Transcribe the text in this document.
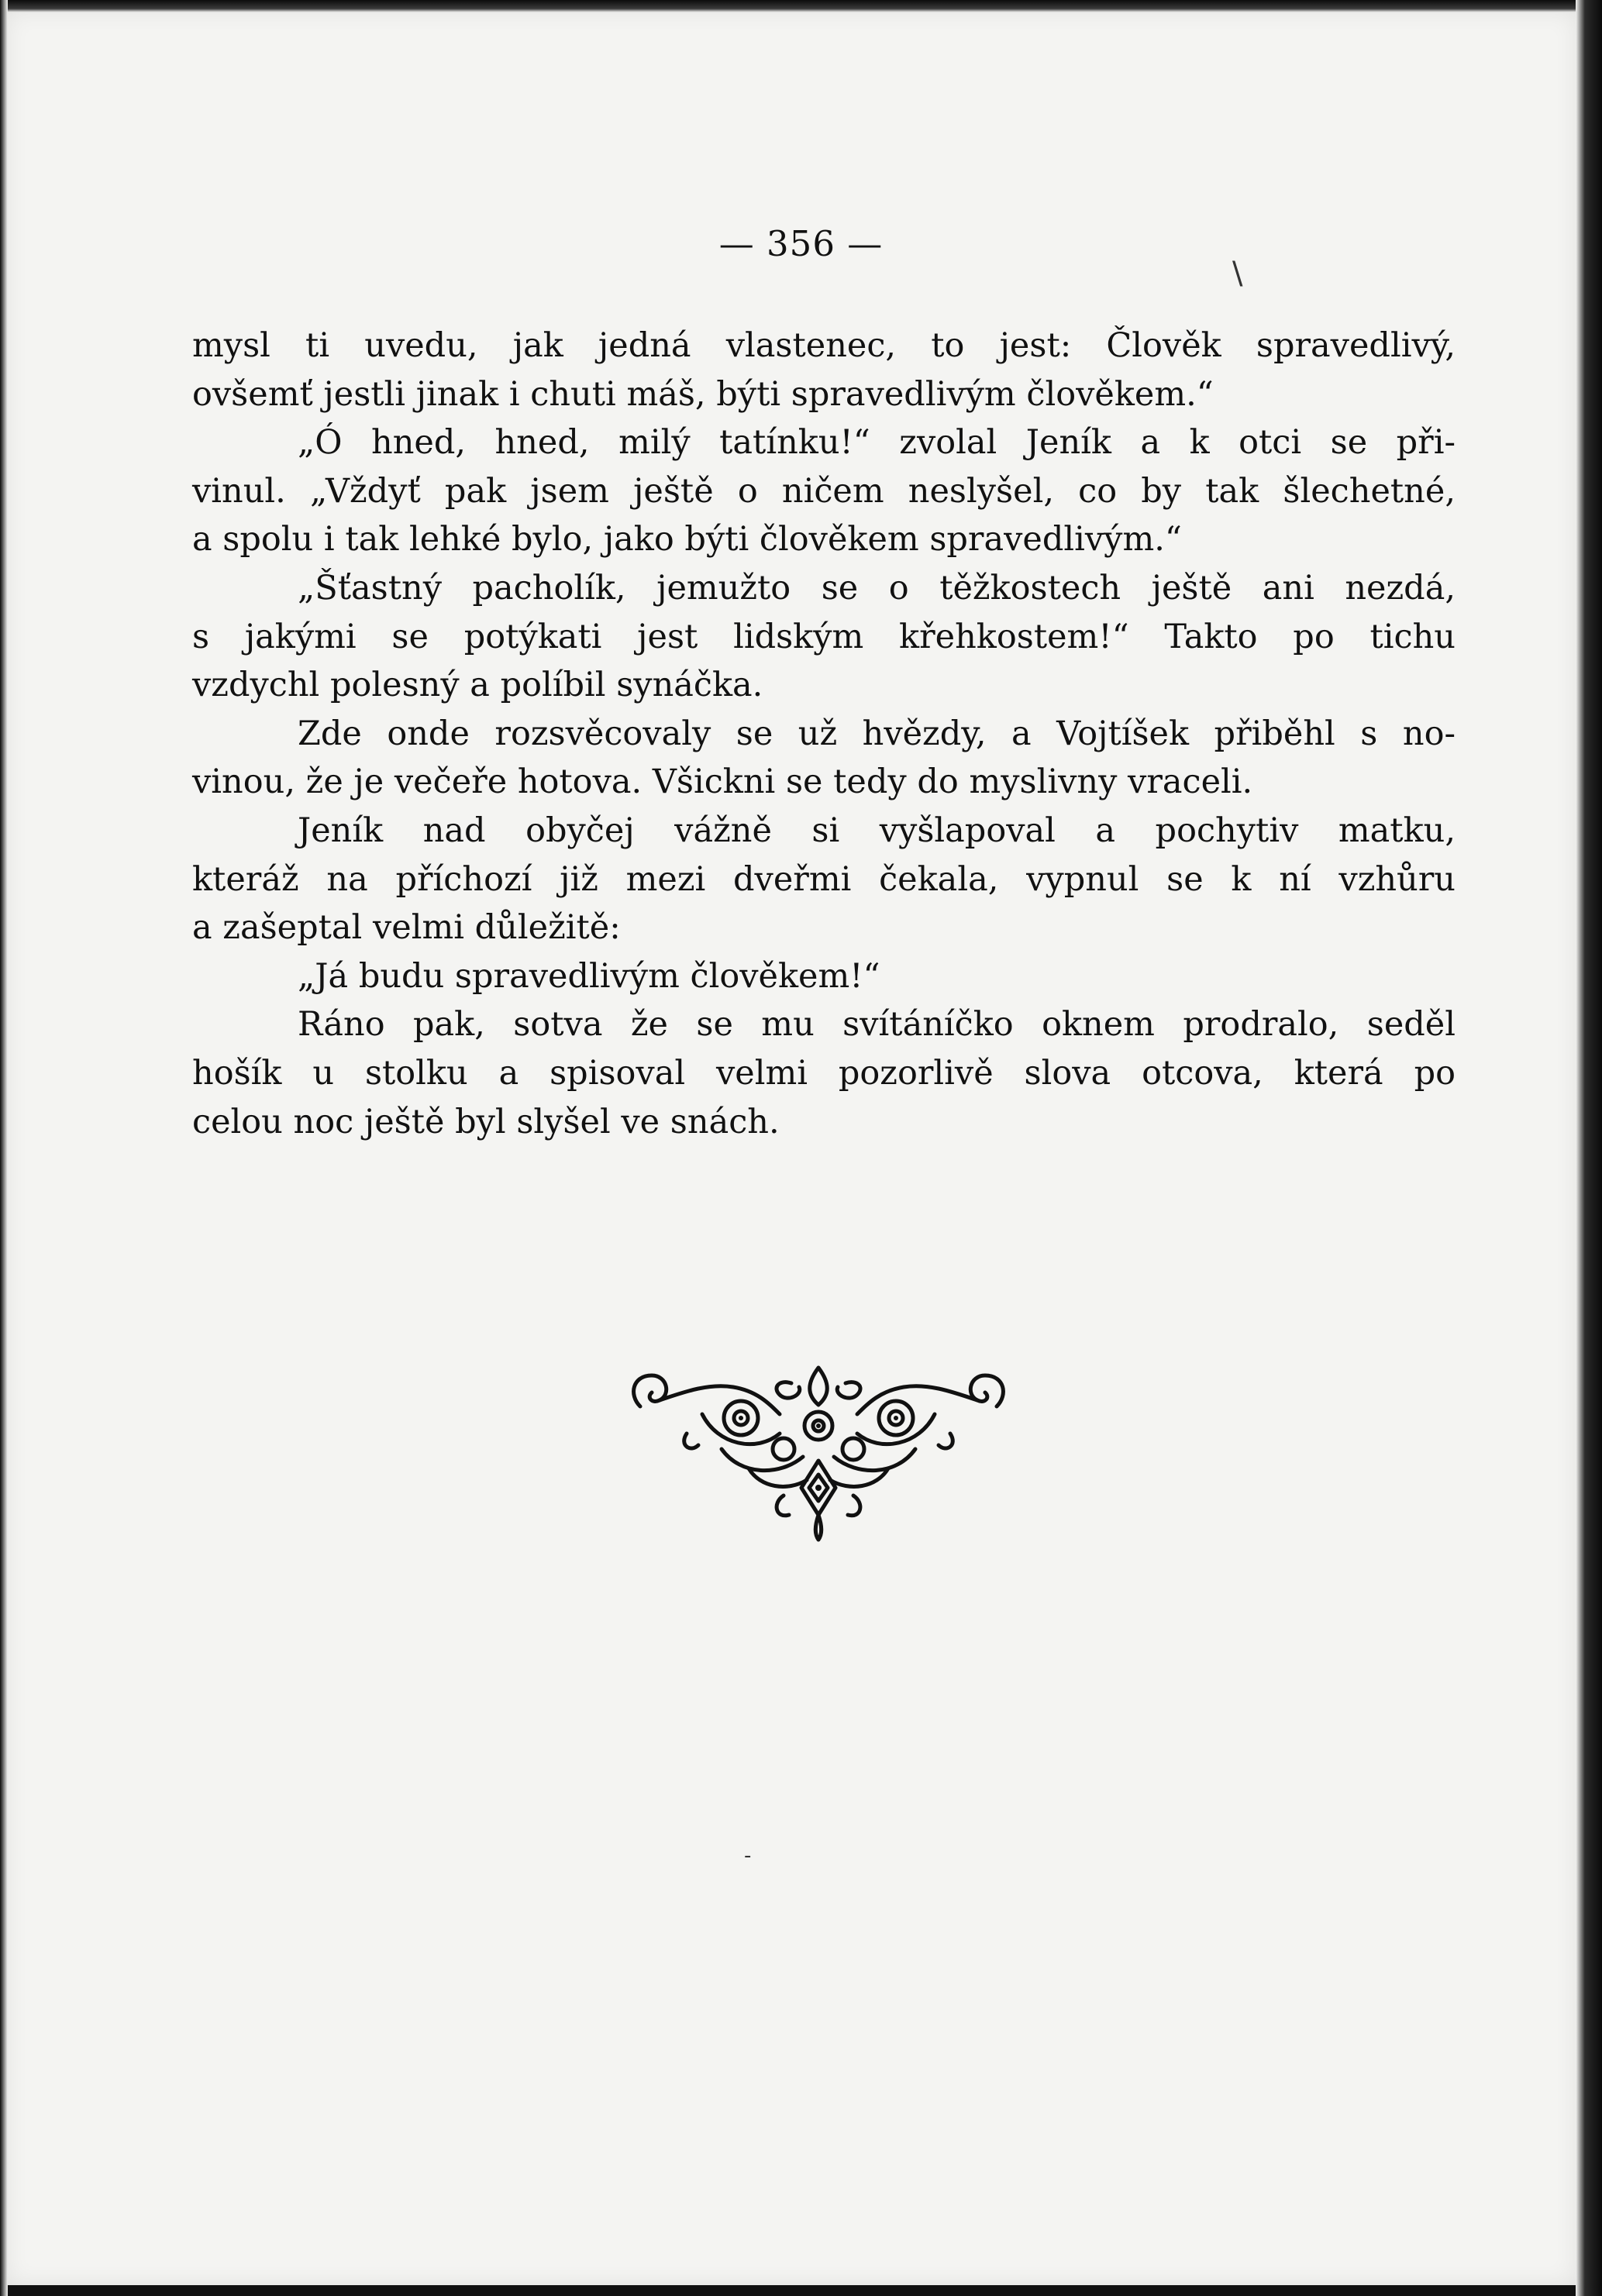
— 356 —
mysl ti uvedu, jak jedná vlastenec, to jest: Člověk spravedlivý,
ovšemť jestli jinak i chuti máš, býti spravedlivým člověkem.“
„Ó hned, hned, milý tatínku!“ zvolal Jeník a k otci se při-
vinul. „Vždyť pak jsem ještě o ničem neslyšel, co by tak šlechetné,
a spolu i tak lehké bylo, jako býti člověkem spravedlivým.“
„Šťastný pacholík, jemužto se o těžkostech ještě ani nezdá,
s jakými se potýkati jest lidským křehkostem!“ Takto po tichu
vzdychl polesný a políbil synáčka.
Zde onde rozsvěcovaly se už hvězdy, a Vojtíšek přiběhl s no-
vinou, že je večeře hotova. Všickni se tedy do myslivny vraceli.
Jeník nad obyčej vážně si vyšlapoval a pochytiv matku,
kteráž na příchozí již mezi dveřmi čekala, vypnul se k ní vzhůru
a zašeptal velmi důležitě:
„Já budu spravedlivým člověkem!“
Ráno pak, sotva že se mu svítáníčko oknem prodralo, seděl
hošík u stolku a spisoval velmi pozorlivě slova otcova, která po
celou noc ještě byl slyšel ve snách.
\
-
